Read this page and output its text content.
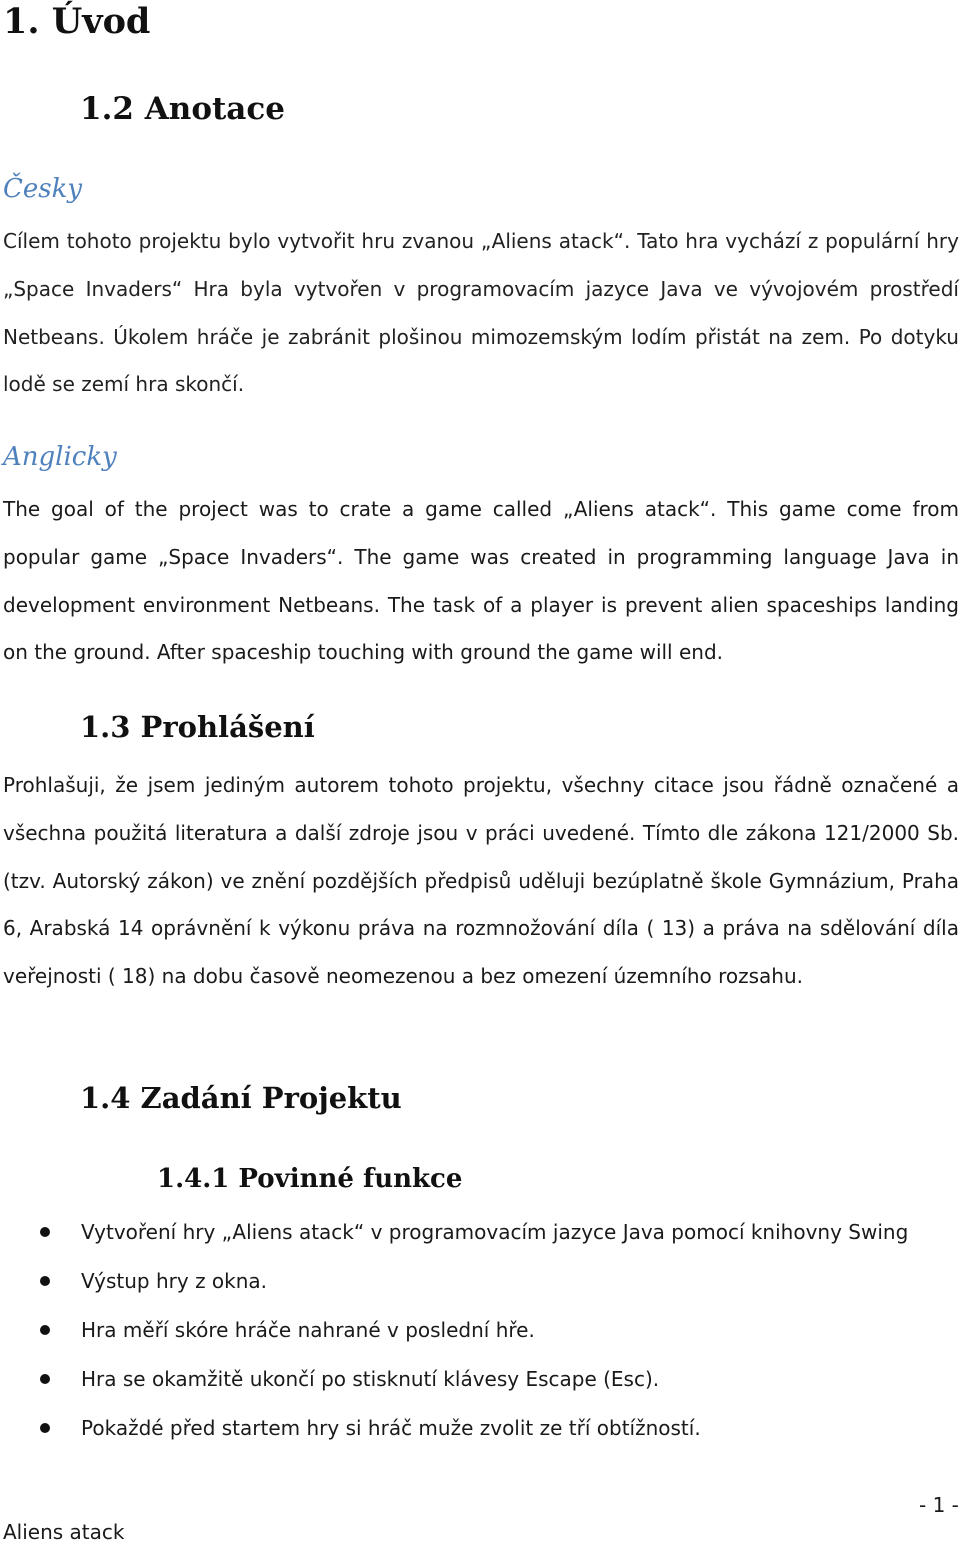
1. Úvod
1.2 Anotace
Česky
Cílem tohoto projektu bylo vytvořit hru zvanou „Aliens atack“. Tato hra vychází z populární hry „Space Invaders“ Hra byla vytvořen v programovacím jazyce Java ve vývojovém prostředí Netbeans. Úkolem hráče je zabránit plošinou mimozemským lodím přistát na zem. Po dotyku lodě se zemí hra skončí.
Anglicky
The goal of the project was to crate a game called „Aliens atack“. This game come from popular game „Space Invaders“. The game was created in programming language Java in development environment Netbeans. The task of a player is prevent alien spaceships landing on the ground. After spaceship touching with ground the game will end.
1.3 Prohlášení
Prohlašuji, že jsem jediným autorem tohoto projektu, všechny citace jsou řádně označené a všechna použitá literatura a další zdroje jsou v práci uvedené. Tímto dle zákona 121/2000 Sb. (tzv. Autorský zákon) ve znění pozdějších předpisů uděluji bezúplatně škole Gymnázium, Praha 6, Arabská 14 oprávnění k výkonu práva na rozmnožování díla ( 13) a práva na sdělování díla veřejnosti ( 18) na dobu časově neomezenou a bez omezení územního rozsahu.
1.4 Zadání Projektu
1.4.1 Povinné funkce
Vytvoření hry „Aliens atack“ v programovacím jazyce Java pomocí knihovny Swing
Výstup hry z okna.
Hra měří skóre hráče nahrané v poslední hře.
Hra se okamžitě ukončí po stisknutí klávesy Escape (Esc).
Pokaždé před startem hry si hráč muže zvolit ze tří obtížností.
- 1 -
Aliens atack
